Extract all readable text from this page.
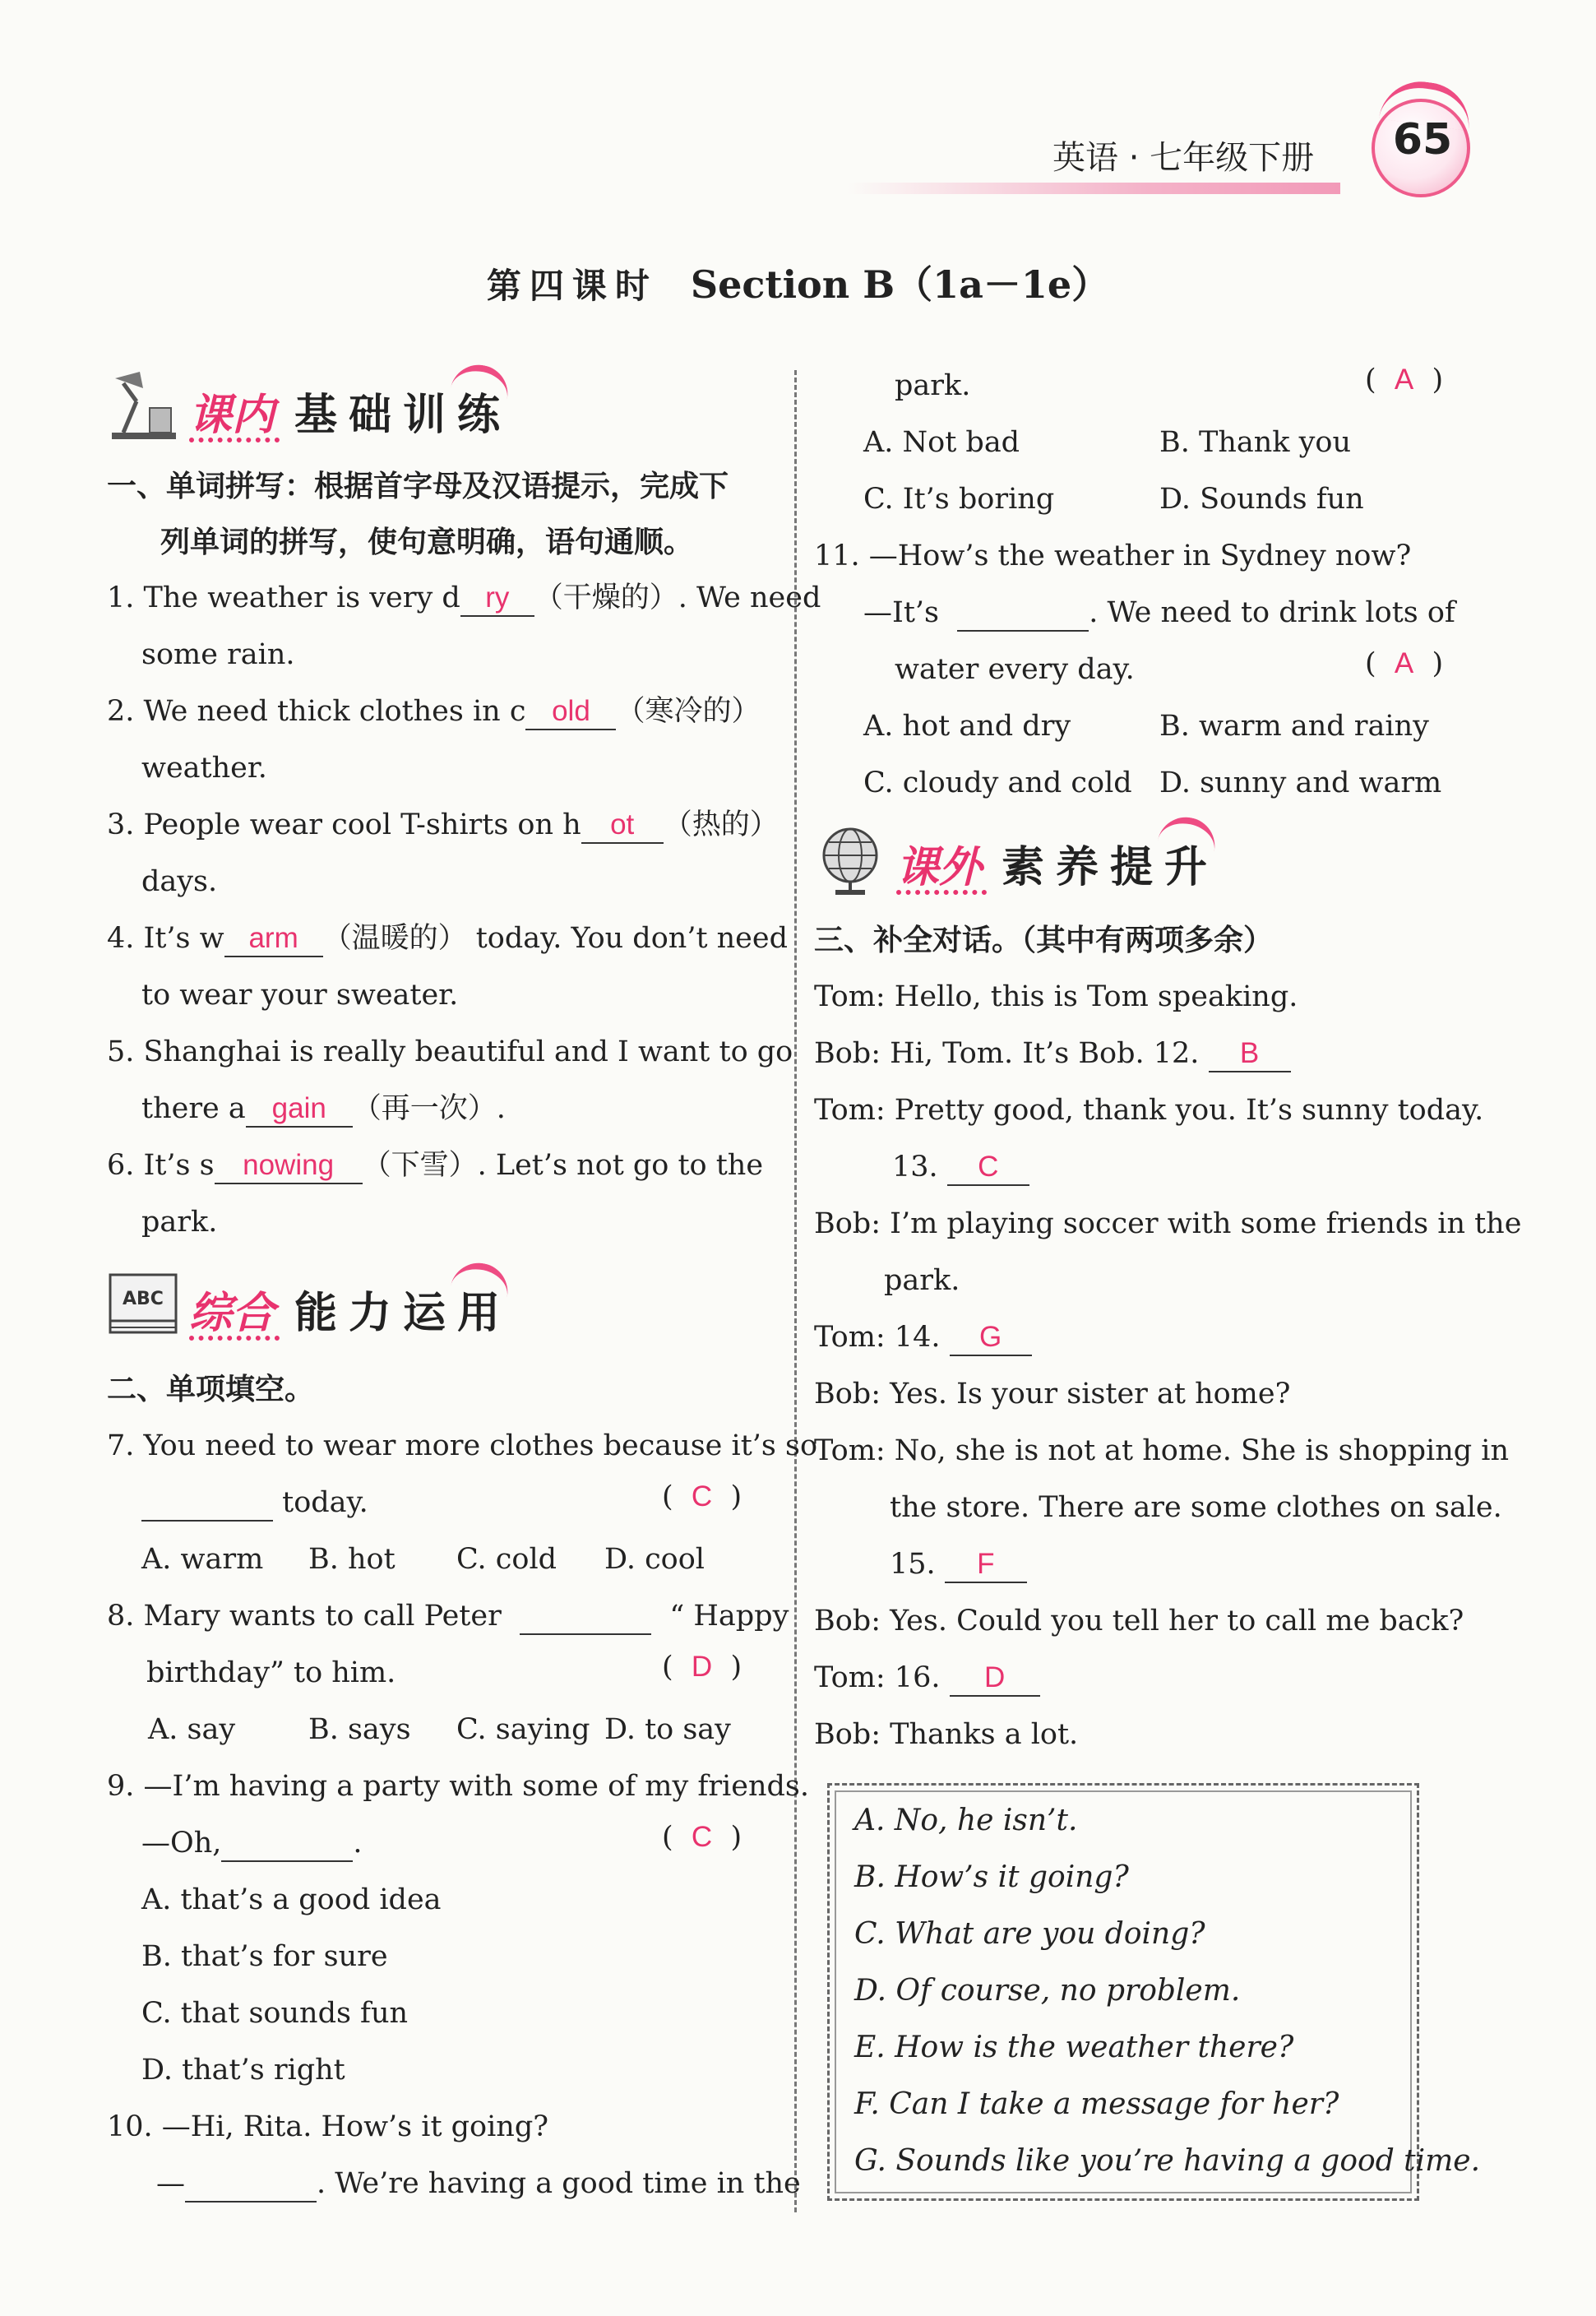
英语 · 七年级下册 65
第四课时 Section B（1a－1e）
课内 基础训练
一、单词拼写：根据首字母及汉语提示，完成下
列单词的拼写，使句意明确，语句通顺。
1. The weather is very d ry （干燥的）. We need
some rain.
2. We need thick clothes in c old （寒冷的）
weather.
3. People wear cool T-shirts on h ot （热的）
days.
4. It’s w arm （温暖的） today. You don’t need
to wear your sweater.
5. Shanghai is really beautiful and I want to go
there a gain （再一次）.
6. It’s s nowing （下雪）. Let’s not go to the
park.
ABC 综合 能力运用
二、单项填空。
7. You need to wear more clothes because it’s so
today.	(  C  )
A. warm B. hot C. cold D. cool
8. Mary wants to call Peter	“ Happy
birthday” to him.	(  D  )
A. say	B. says C. saying D. to say
9. —I’m having a party with some of my friends.
—Oh,	.	(  C  )
A. that’s a good idea
B. that’s for sure
C. that sounds fun
D. that’s right
10. —Hi, Rita. How’s it going?
—	. We’re having a good time in the
park.	(  A  )
A. Not bad	B. Thank you
C. It’s boring	D. Sounds fun
11. —How’s the weather in Sydney now?
—It’s	. We need to drink lots of
water every day.	(  A  )
A. hot and dry	B. warm and rainy
C. cloudy and cold D. sunny and warm
课外 素养提升
三、补全对话。（其中有两项多余）
Tom: Hello, this is Tom speaking.
Bob: Hi, Tom. It’s Bob. 12. B
Tom: Pretty good, thank you. It’s sunny today.
13. C
Bob: I’m playing soccer with some friends in the
park.
Tom: 14. G
Bob: Yes. Is your sister at home?
Tom: No, she is not at home. She is shopping in
the store. There are some clothes on sale.
15. F
Bob: Yes. Could you tell her to call me back?
Tom: 16. D
Bob: Thanks a lot.
A. No, he isn’t.
B. How’s it going?
C. What are you doing?
D. Of course, no problem.
E. How is the weather there?
F. Can I take a message for her?
G. Sounds like you’re having a good time.
